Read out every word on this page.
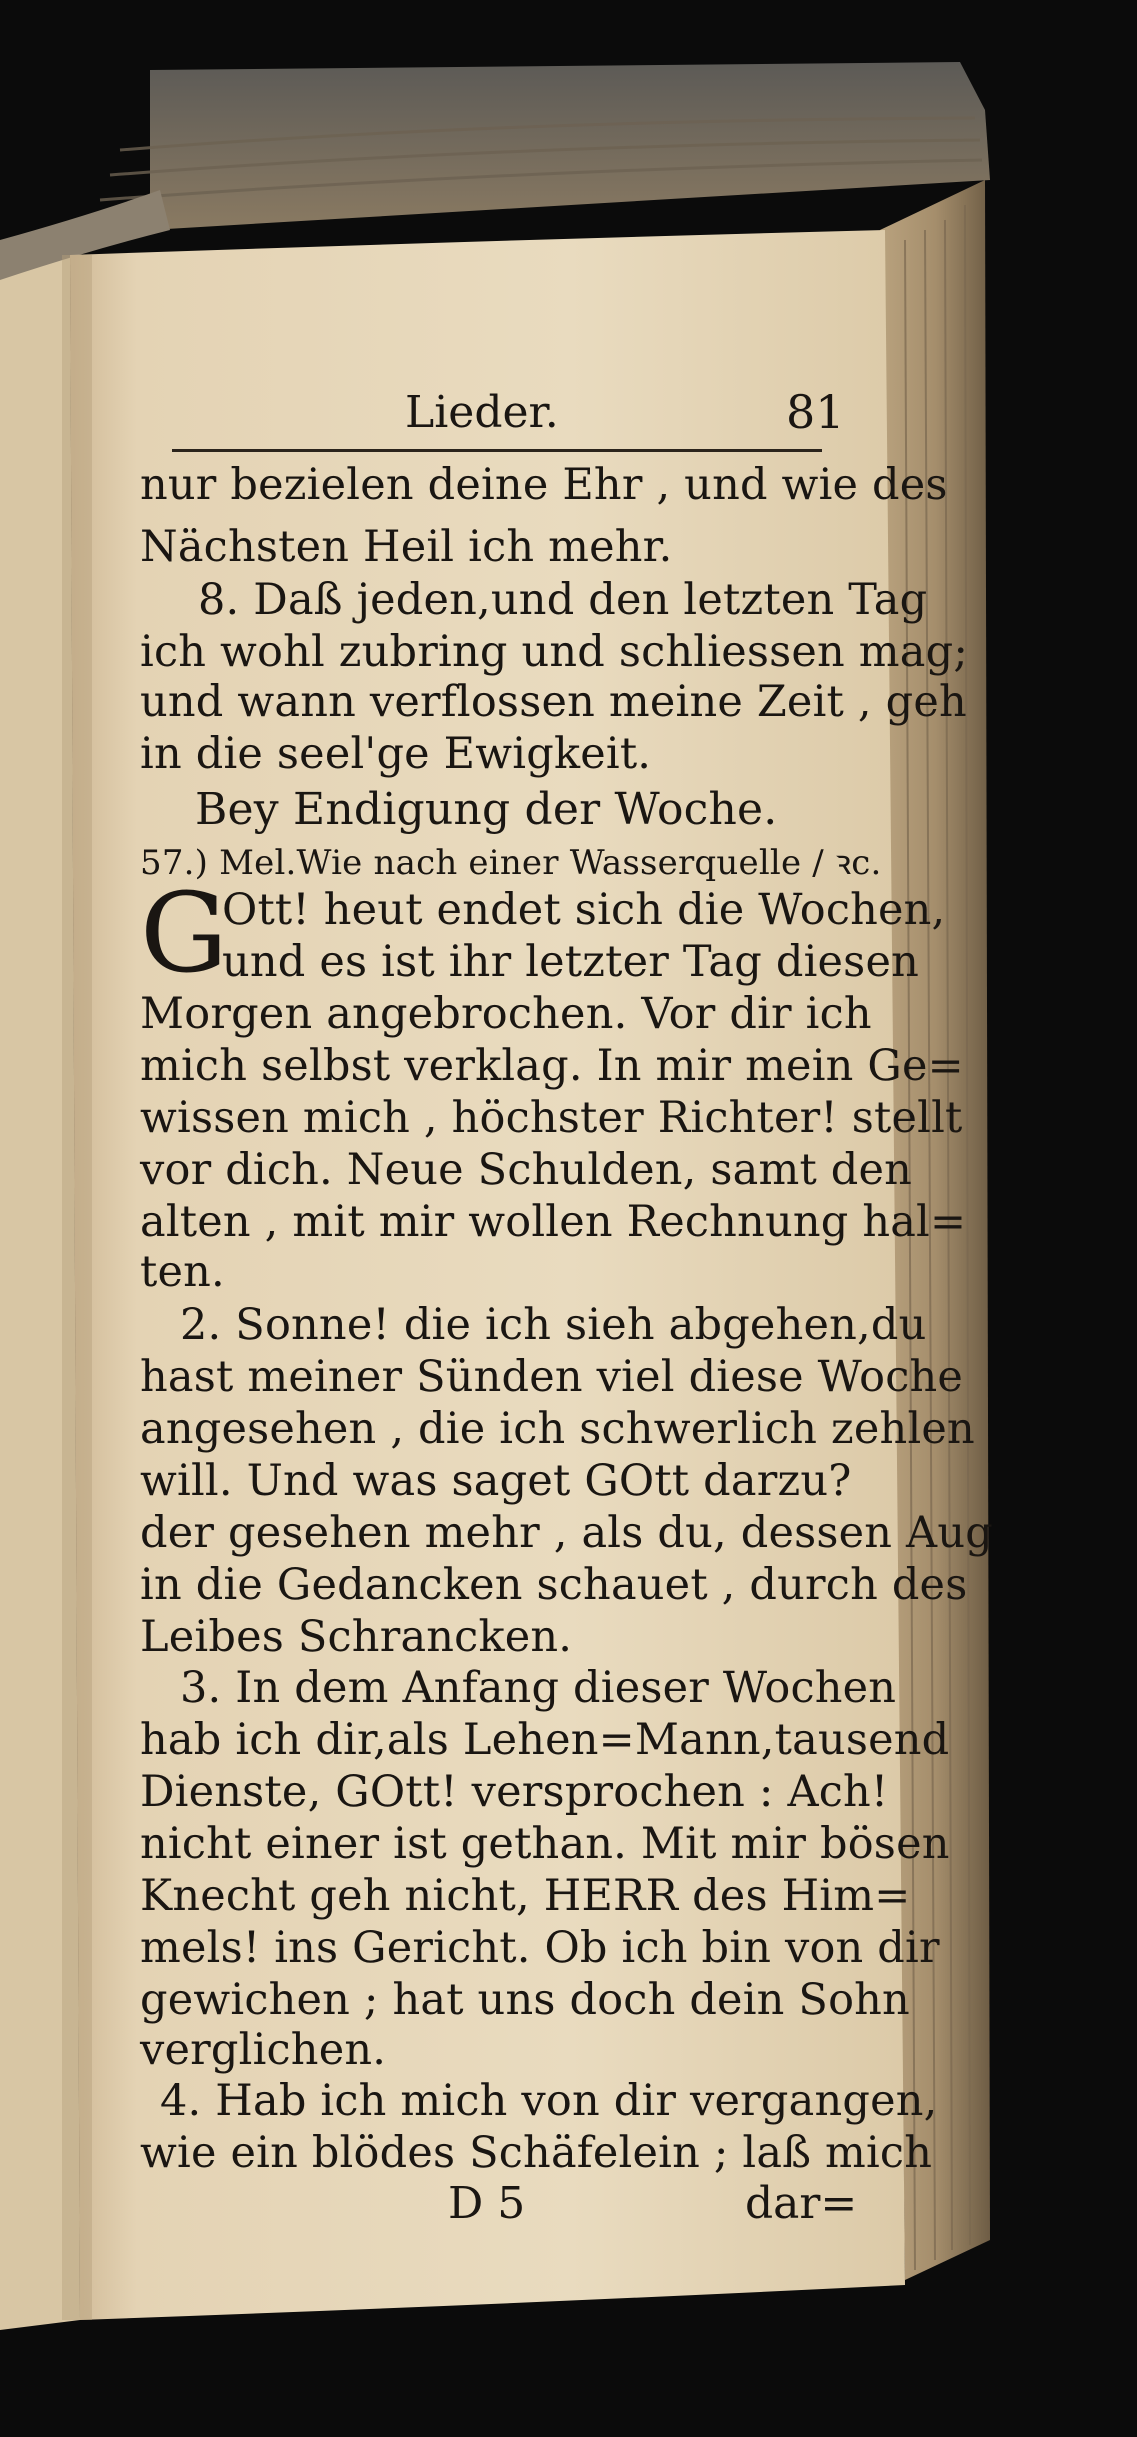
Lieder.	81
nur bezielen deine Ehr , und wie des
Nächsten Heil ich mehr.
8. Daß jeden,und den letzten Tag
ich wohl zubring und schliessen mag;
und wann verflossen meine Zeit , geh
in die seel'ge Ewigkeit.
Bey Endigung der Woche.
57.) Mel.Wie nach einer Wasserquelle / ꝛc.
G
Ott! heut endet sich die Wochen,
und es ist ihr letzter Tag diesen
Morgen angebrochen. Vor dir ich
mich selbst verklag. In mir mein Ge=
wissen mich , höchster Richter! stellt
vor dich. Neue Schulden, samt den
alten , mit mir wollen Rechnung hal=
ten.
2. Sonne! die ich sieh abgehen,du
hast meiner Sünden viel diese Woche
angesehen , die ich schwerlich zehlen
will. Und was saget GOtt darzu?
der gesehen mehr , als du, dessen Aug
in die Gedancken schauet , durch des
Leibes Schrancken.
3. In dem Anfang dieser Wochen
hab ich dir,als Lehen=Mann,tausend
Dienste, GOtt! versprochen : Ach!
nicht einer ist gethan. Mit mir bösen
Knecht geh nicht, HERR des Him=
mels! ins Gericht. Ob ich bin von dir
gewichen ; hat uns doch dein Sohn
verglichen.
4. Hab ich mich von dir vergangen,
wie ein blödes Schäfelein ; laß mich
D 5	dar=
